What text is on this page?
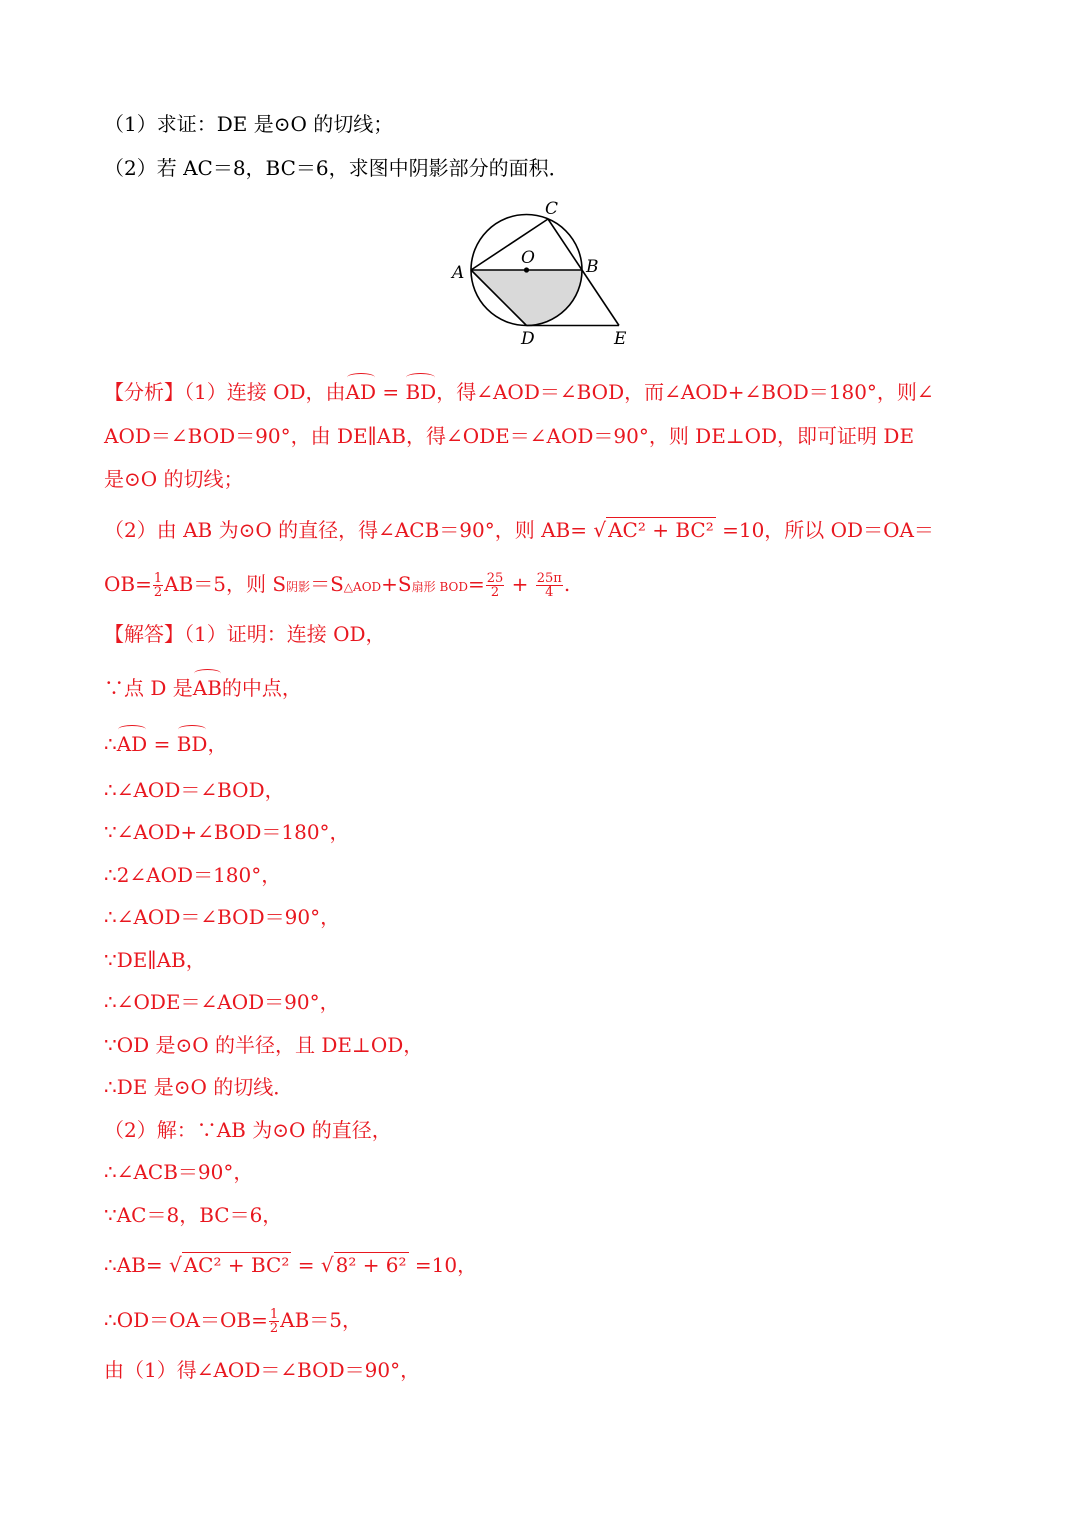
（1）求证：DE 是⊙O 的切线；
（2）若 AC＝8，BC＝6，求图中阴影部分的面积．
A	B
C
D	E
O
【分析】（1）连接 OD，由AD = BD，得∠AOD＝∠BOD，而∠AOD+∠BOD＝180°，则∠
AOD＝∠BOD＝90°，由 DE∥AB，得∠ODE＝∠AOD＝90°，则 DE⊥OD，即可证明 DE
是⊙O 的切线；
（2）由 AB 为⊙O 的直径，得∠ACB＝90°，则 AB= √ AC² + BC² =10，所以 OD＝OA＝
$OB= \frac{1}{2} AB=5$，则 S阴影＝S△AOD+S扇形 $BOD= \frac{25}{2} + \frac{25\pi}{4}$ .
【解答】（1）证明：连接 OD，
∵点 D 是AB的中点，
∴AD = BD，
∴∠AOD＝∠BOD，
∵∠AOD+∠BOD＝180°，
∴2∠AOD＝180°，
∴∠AOD＝∠BOD＝90°，
∵DE∥AB，
∴∠ODE＝∠AOD＝90°，
∵OD 是⊙O 的半径，且 DE⊥OD，
∴DE 是⊙O 的切线．
（2）解：∵AB 为⊙O 的直径，
∴∠ACB＝90°，
∵AC＝8，BC＝6，
∴AB= √ AC² + BC² = √ 8² + 6² =10，
∴OD＝OA＝OB= $\frac{1}{2} AB=5$，
由（1）得∠AOD＝∠BOD＝90°，
